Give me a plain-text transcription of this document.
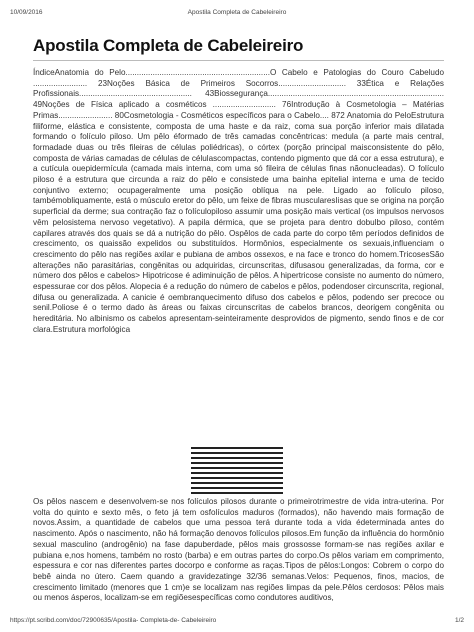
10/09/2016	Apostila Completa de Cabeleireiro
Apostila Completa de Cabeleireiro

ÍndiceAnatomia do Pelo................................................................O Cabelo e Patologias do Couro Cabeludo ........................ 23Noções Básica de Primeiros Socorros.............................. 33Ética e Relações Profissionais.................................................. 43Biossegurança.............................................................................. 49Noções de Física aplicado a cosméticos ............................ 76Introdução à Cosmetologia – Matérias Primas........................ 80Cosmetologia - Cosméticos específicos para o Cabelo.... 872 Anatomia do PeloEstrutura filiforme, elástica e consistente, composta de uma haste e da raiz, coma sua porção inferior mais dilatada formando o folículo piloso. Um pêlo éformado de três camadas concêntricas: medula (a parte mais central, formadade duas ou três fileiras de células poliédricas), o córtex (porção principal maisconsistente do pêlo, composta de várias camadas de células de célulascompactas, contendo pigmento que dá cor a essa estrutura), e a cutícula ouepidermícula (camada mais interna, com uma só fileira de células finas nãonucleadas). O folículo piloso é a estrutura que circunda a raiz do pêlo e consistede uma bainha epitelial interna e uma de tecido conjuntivo externo; ocupageralmente uma posição oblíqua na pele. Ligado ao folículo piloso, tambémobliquamente, está o músculo eretor do pêlo, um feixe de fibras muscularesIisas que se origina na porção superficial da derme; sua contração faz o folículopiloso assumir uma posição mais vertical (os impulsos nervosos vêm pelosistema nervoso vegetativo). A papila dérmica, que se projeta para dentro dobulbo piloso, contém capilares através dos quais se dá a nutrição do pêlo. Ospêlos de cada parte do corpo têm períodos definidos de crescimento, os quaissão expelidos ou substituídos. Hormônios, especialmente os sexuais,influenciam o crescimento do pêlo nas regiões axilar e pubiana de ambos ossexos, e na face e tronco do homem.TricosesSão alterações não parasitárias, congênitas ou adquiridas, circunscritas, difusasou generalizadas, da forma, cor e número dos pêlos e cabelos> Hipotricose é adiminuição de pêlos. A hipertricose consiste no aumento do número, espessurae cor dos pêlos. Alopecia é a redução do número de cabelos e pêlos, podendoser circunscrita, regional, difusa ou generalizada. A canicie é oembranquecimento difuso dos cabelos e pêlos, podendo ser precoce ou senil.Poliose é o termo dado às áreas ou faixas circunscritas de cabelos brancos, deorigem congênita ou hereditária. No albinismo os cabelos apresentam-seinteiramente desprovidos de pigmento, sendo finos e de cor clara.Estrutura morfológica

Os pêlos nascem e desenvolvem-se nos folículos pilosos durante o primeirotrimestre de vida intra-uterina. Por volta do quinto e sexto mês, o feto já tem osfolículos maduros (formados), não havendo mais formação de novos.Assim, a quantidade de cabelos que uma pessoa terá durante toda a vida édeterminada antes do nascimento. Após o nascimento, não há formação denovos folículos pilosos.Em função da influência do hormônio sexual masculino (androgênio) na fase dapuberdade, pêlos mais grossosse formam-se nas regiões axilar e pubiana e,nos homens, também no rosto (barba) e em outras partes do corpo.Os pêlos variam em comprimento, espessura e cor nas diferentes partes docorpo e conforme as raças.Tipos de pêlos:Longos: Cobrem o corpo do bebê ainda no útero. Caem quando a gravidezatinge 32/36 semanas.Velos: Pequenos, finos, macios, de crescimento limitado (menores que 1 cm)e se localizam nas regiões limpas da pele.Pêlos cerdosos: Pêlos mais ou menos ásperos, localizam-se em regiõesespecíficas como condutores auditivos,

https://pt.scribd.com/doc/72900635/Apostila- Completa-de- Cabeleireiro	1/2
